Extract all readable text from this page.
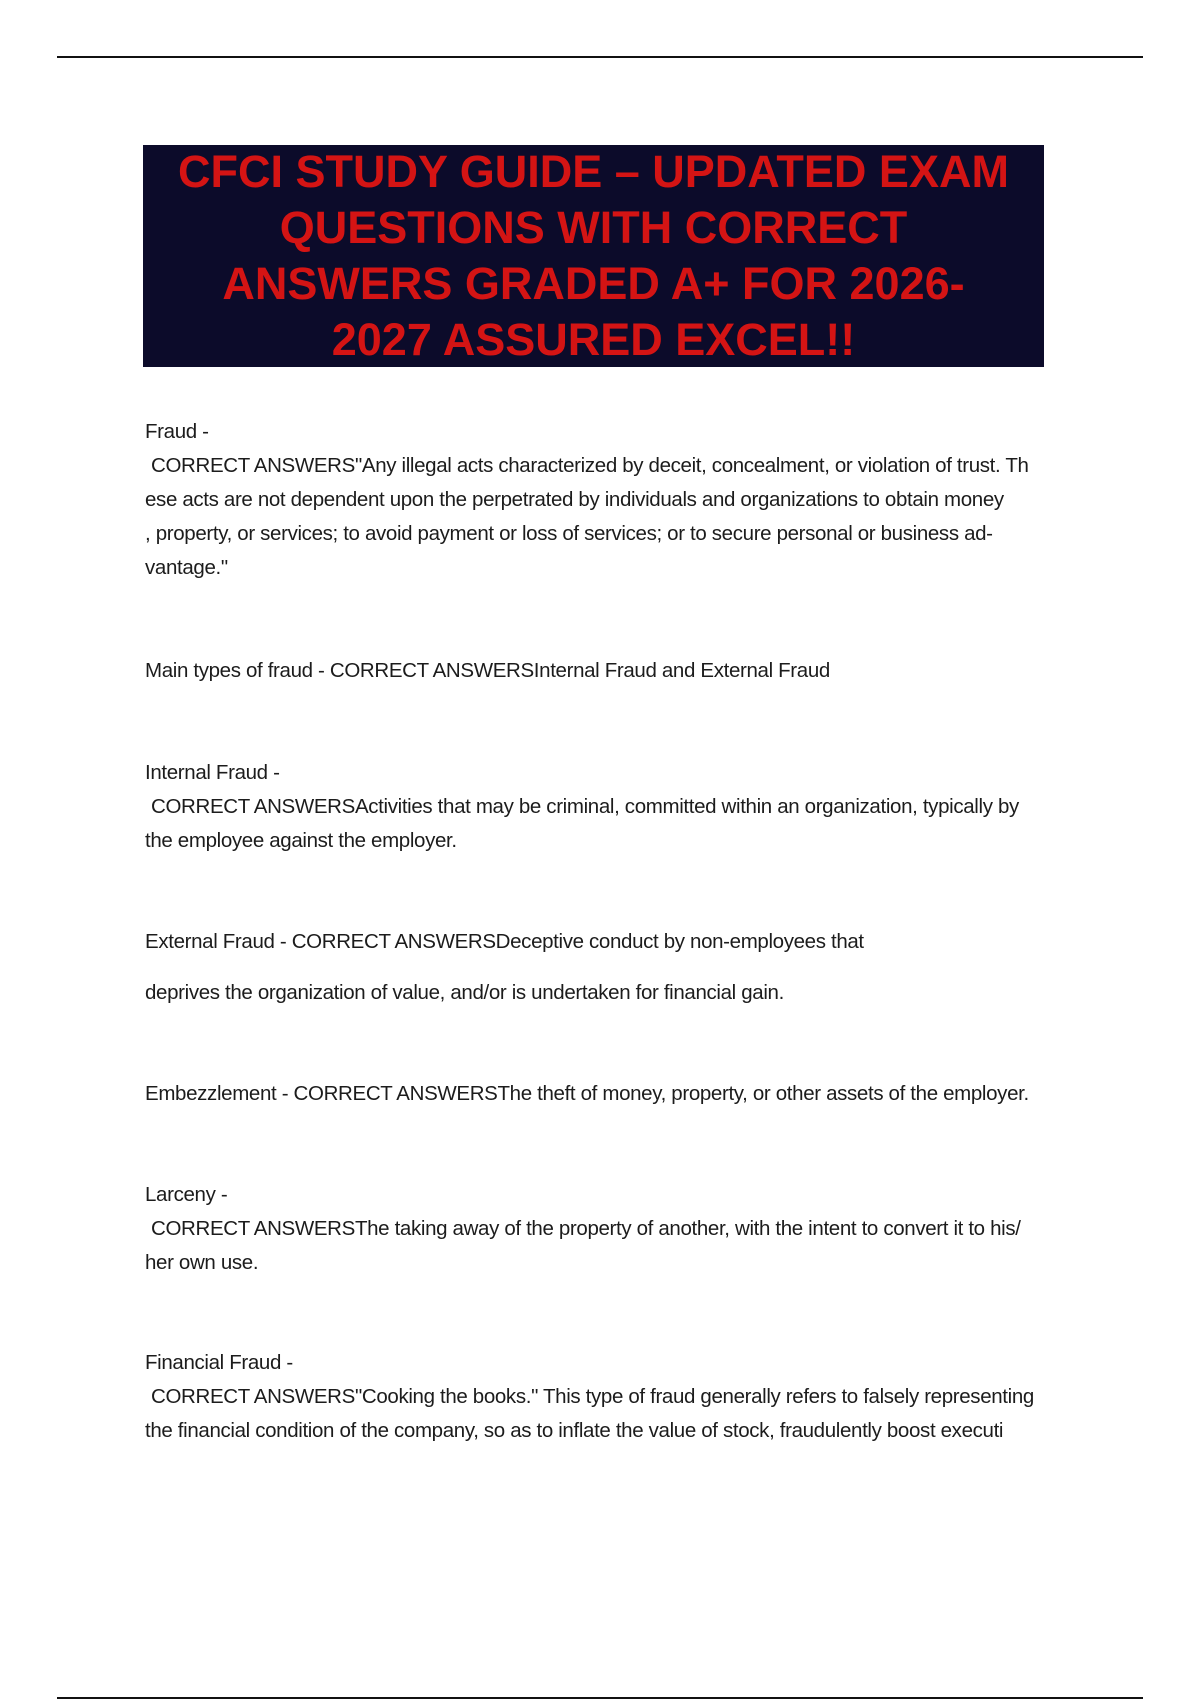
CFCI STUDY GUIDE – UPDATED EXAM
QUESTIONS WITH CORRECT
ANSWERS GRADED A+ FOR 2026-
2027 ASSURED EXCEL!!
Fraud -
CORRECT ANSWERS"Any illegal acts characterized by deceit, concealment, or violation of trust. Th
ese acts are not dependent upon the perpetrated by individuals and organizations to obtain money
, property, or services; to avoid payment or loss of services; or to secure personal or business ad-
vantage."
Main types of fraud - CORRECT ANSWERSInternal Fraud and External Fraud
Internal Fraud -
CORRECT ANSWERSActivities that may be criminal, committed within an organization, typically by
the employee against the employer.
External Fraud - CORRECT ANSWERSDeceptive conduct by non-employees that
deprives the organization of value, and/or is undertaken for financial gain.
Embezzlement - CORRECT ANSWERSThe theft of money, property, or other assets of the employer.
Larceny -
CORRECT ANSWERSThe taking away of the property of another, with the intent to convert it to his/
her own use.
Financial Fraud -
CORRECT ANSWERS"Cooking the books." This type of fraud generally refers to falsely representing
the financial condition of the company, so as to inflate the value of stock, fraudulently boost executi
